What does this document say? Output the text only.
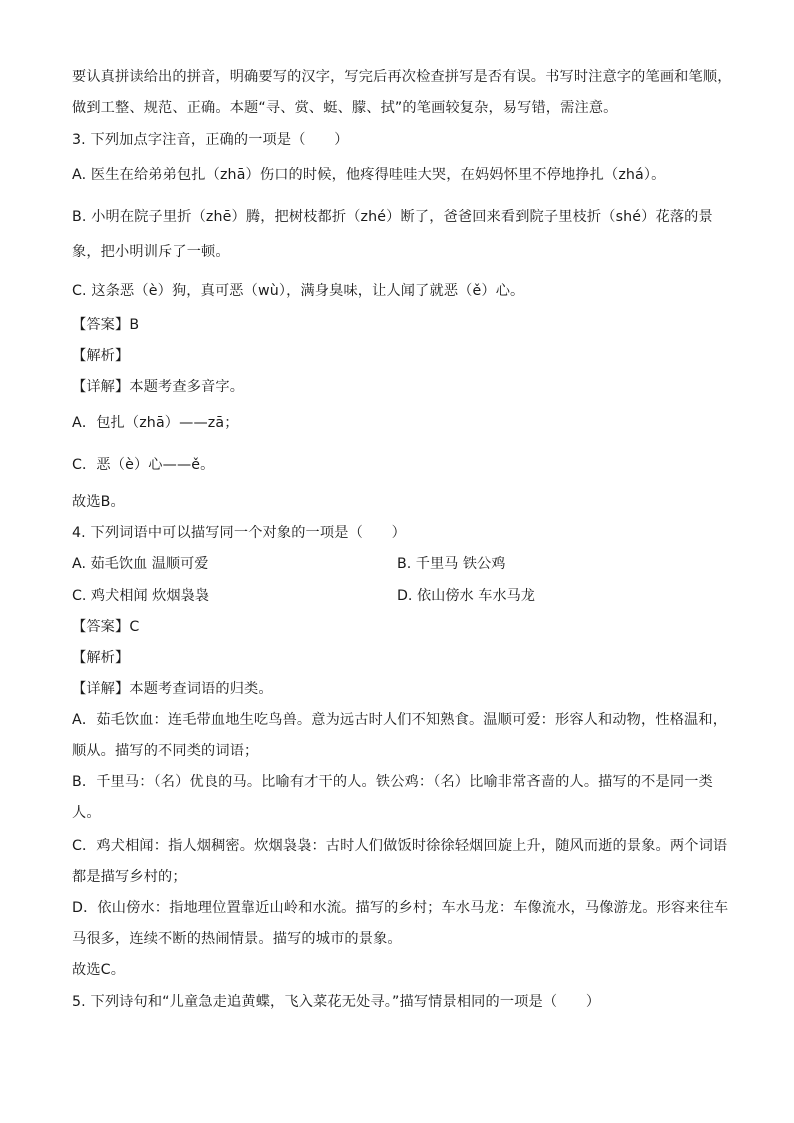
要认真拼读给出的拼音，明确要写的汉字，写完后再次检查拼写是否有误。书写时注意字的笔画和笔顺，
做到工整、规范、正确。本题“寻、赏、蜓、朦、拭”的笔画较复杂，易写错，需注意。
3. 下列加点字注音，正确的一项是（　　）
A. 医生在给弟弟包扎（zhā）伤口的时候，他疼得哇哇大哭，在妈妈怀里不停地挣扎（zhá）。
B. 小明在院子里折（zhē）腾，把树枝都折（zhé）断了，爸爸回来看到院子里枝折（shé）花落的景
象，把小明训斥了一顿。
C. 这条恶（è）狗，真可恶（wù），满身臭味，让人闻了就恶（ě）心。
【答案】B
【解析】
【详解】本题考查多音字。
A．包扎（zhā）——zā；
C．恶（è）心——ě。
故选B。
4. 下列词语中可以描写同一个对象的一项是（　　）
A. 茹毛饮血 温顺可爱	B. 千里马 铁公鸡
C. 鸡犬相闻 炊烟袅袅	D. 依山傍水 车水马龙
【答案】C
【解析】
【详解】本题考查词语的归类。
A．茹毛饮血：连毛带血地生吃鸟兽。意为远古时人们不知熟食。温顺可爱：形容人和动物，性格温和，
顺从。描写的不同类的词语；
B．千里马：（名）优良的马。比喻有才干的人。铁公鸡：（名）比喻非常吝啬的人。描写的不是同一类
人。
C．鸡犬相闻：指人烟稠密。炊烟袅袅：古时人们做饭时徐徐轻烟回旋上升，随风而逝的景象。两个词语
都是描写乡村的；
D．依山傍水：指地理位置靠近山岭和水流。描写的乡村；车水马龙：车像流水，马像游龙。形容来往车
马很多，连续不断的热闹情景。描写的城市的景象。
故选C。
5. 下列诗句和“儿童急走追黄蝶，飞入菜花无处寻。”描写情景相同的一项是（　　）
